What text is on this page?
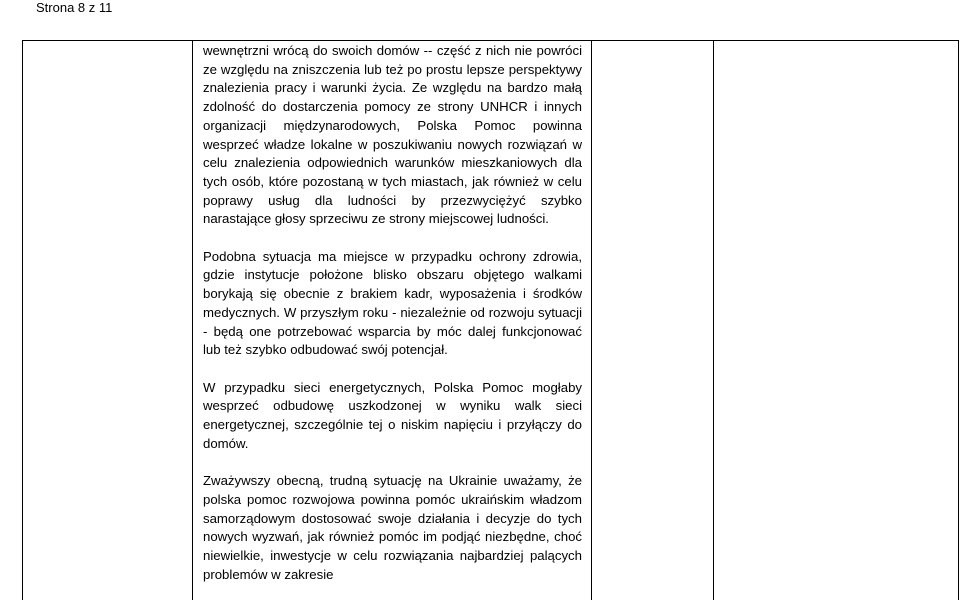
Strona 8 z 11

wewnętrzni wrócą do swoich domów -- część z nich nie powróci ze względu na zniszczenia lub też po prostu lepsze perspektywy znalezienia pracy i warunki życia. Ze względu na bardzo małą zdolność do dostarczenia pomocy ze strony UNHCR i innych organizacji międzynarodowych, Polska Pomoc powinna wesprzeć władze lokalne w poszukiwaniu nowych rozwiązań w celu znalezienia odpowiednich warunków mieszkaniowych dla tych osób, które pozostaną w tych miastach, jak również w celu poprawy usług dla ludności by przezwyciężyć szybko narastające głosy sprzeciwu ze strony miejscowej ludności.

Podobna sytuacja ma miejsce w przypadku ochrony zdrowia, gdzie instytucje położone blisko obszaru objętego walkami borykają się obecnie z brakiem kadr, wyposażenia i środków medycznych. W przyszłym roku - niezależnie od rozwoju sytuacji - będą one potrzebować wsparcia by móc dalej funkcjonować lub też szybko odbudować swój potencjał.

W przypadku sieci energetycznych, Polska Pomoc mogłaby wesprzeć odbudowę uszkodzonej w wyniku walk sieci energetycznej, szczególnie tej o niskim napięciu i przyłączy do domów.

Zważywszy obecną, trudną sytuację na Ukrainie uważamy, że polska pomoc rozwojowa powinna pomóc ukraińskim władzom samorządowym dostosować swoje działania i decyzje do tych nowych wyzwań, jak również pomóc im podjąć niezbędne, choć niewielkie, inwestycje w celu rozwiązania najbardziej palących problemów w zakresie
